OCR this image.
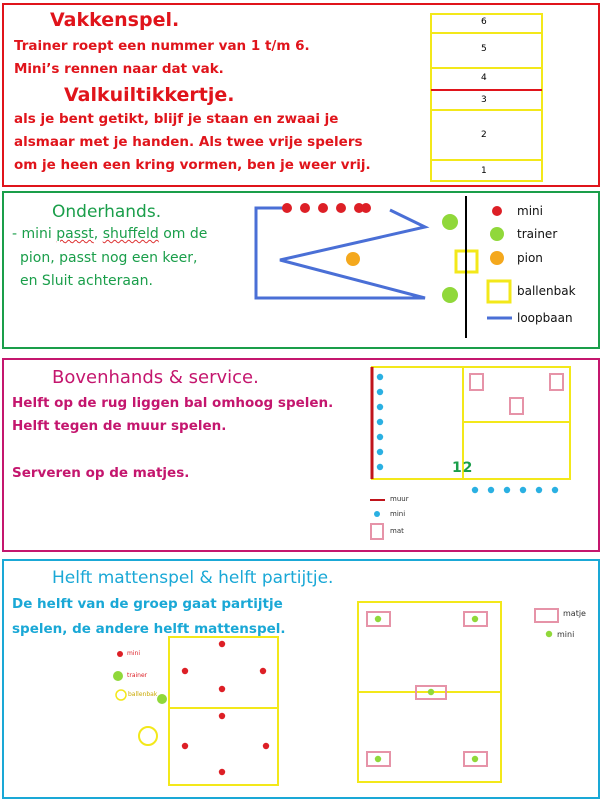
Vakkenspel.
Trainer roept een nummer van 1 t/m 6.
Mini’s rennen naar dat vak.
Valkuiltikkertje.
als je bent getikt, blijf je staan en zwaai je
alsmaar met je handen. Als twee vrije spelers
om je heen een kring vormen, ben je weer vrij.
6
5
4
3
2
1
Onderhands.
- mini passt, shuffeld om de
pion, passt nog een keer,
en Sluit achteraan.
mini
trainer
pion
ballenbak
loopbaan
Bovenhands & service.
Helft op de rug liggen bal omhoog spelen.
Helft tegen de muur spelen.
Serveren op de matjes.	1 2
muur
mini
mat
Helft mattenspel & helft partijtje.
De helft van de groep gaat partijtje
spelen, de andere helft mattenspel.
mini
trainer
ballenbak
matje
mini
